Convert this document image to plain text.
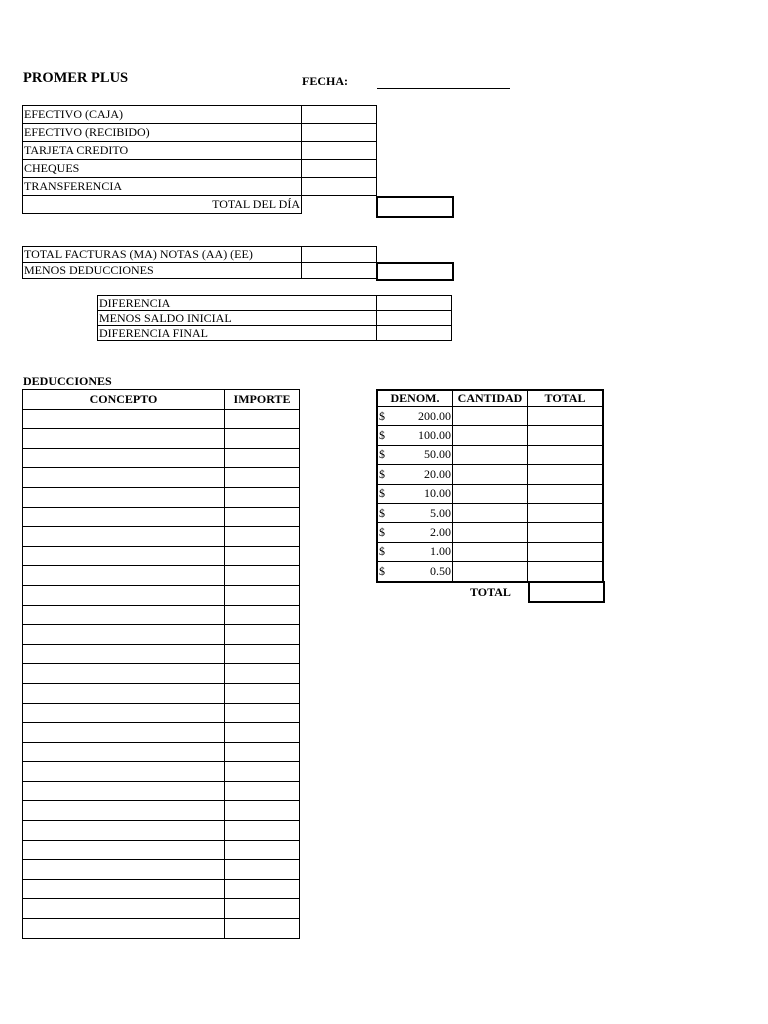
PROMER PLUS	FECHA:
EFECTIVO (CAJA)	
EFECTIVO (RECIBIDO)	
TARJETA CREDITO	
CHEQUES	
TRANSFERENCIA	
TOTAL DEL DÍA	
TOTAL FACTURAS (MA) NOTAS (AA) (EE)	
MENOS DEDUCCIONES	
DIFERENCIA	
MENOS SALDO INICIAL	
DIFERENCIA FINAL	
DEDUCCIONES
CONCEPTO	IMPORTE

		DENOM.	CANTIDAD	TOTAL

$ 200.00		

$ 100.00		

$ 50.00		

$ 20.00		

$ 10.00		

$ 5.00		

$ 2.00		

$ 1.00		

$ 0.50		

TOTAL
